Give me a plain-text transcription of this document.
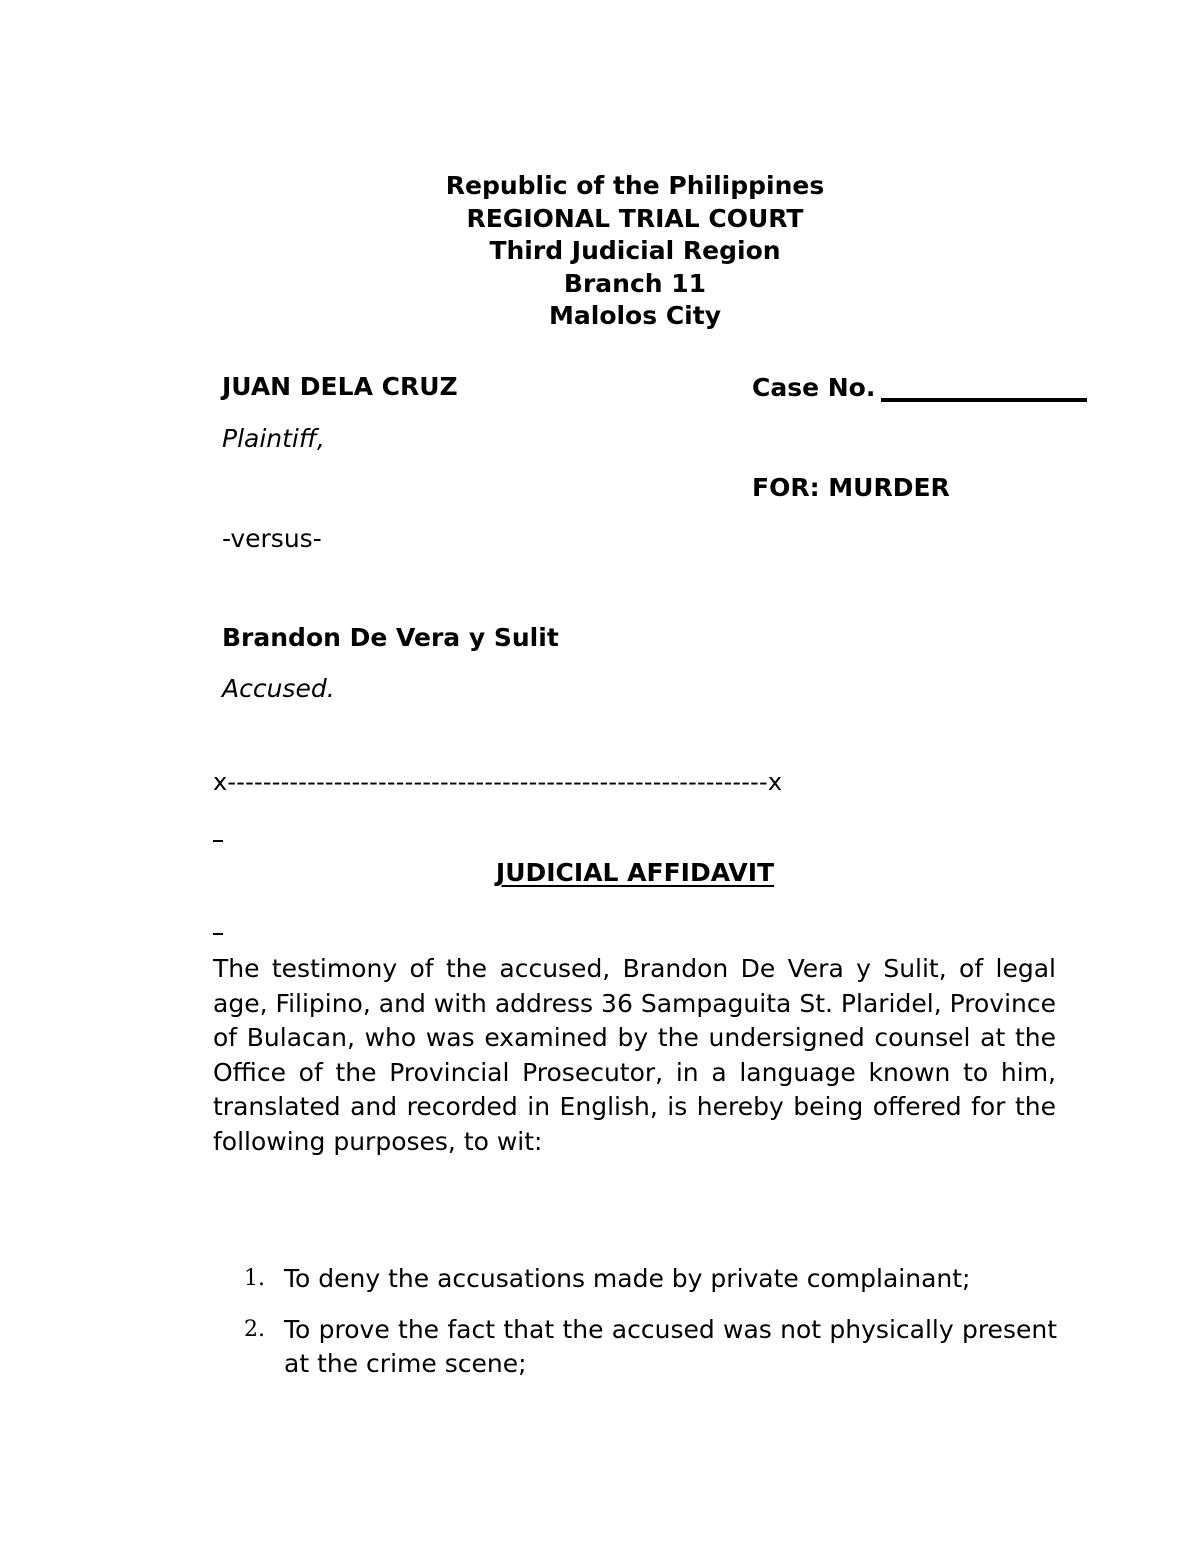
Republic of the Philippines
REGIONAL TRIAL COURT
Third Judicial Region
Branch 11
Malolos City
JUAN DELA CRUZ
Plaintiff,
-versus-
Brandon De Vera y Sulit
Accused.
Case No.
FOR: MURDER
x-------------------------------------------------------------x
JUDICIAL AFFIDAVIT
The testimony of the accused, Brandon De Vera y Sulit, of legal age, Filipino, and with address 36 Sampaguita St. Plaridel, Province of Bulacan, who was examined by the undersigned counsel at the Office of the Provincial Prosecutor, in a language known to him, translated and recorded in English, is hereby being offered for the following purposes, to wit:
1. To deny the accusations made by private complainant;
2. To prove the fact that the accused was not physically present at the crime scene;
